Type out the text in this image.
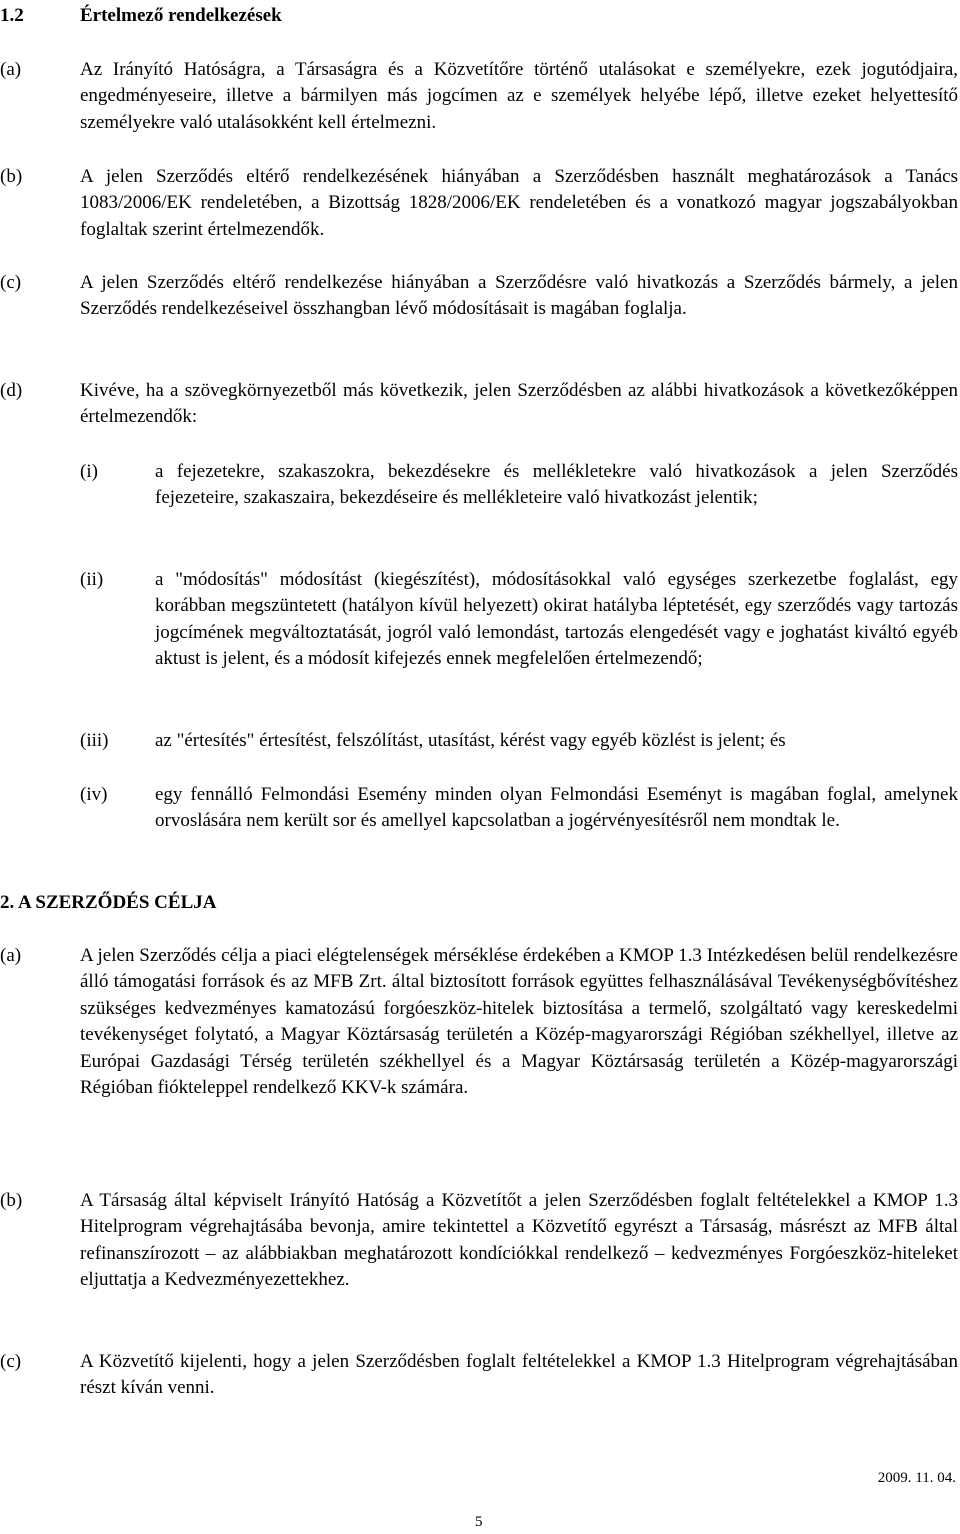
1.2	Értelmező rendelkezések
(a)	Az Irányító Hatóságra, a Társaságra és a Közvetítőre történő utalásokat e személyekre, ezek jogutódjaira, engedményeseire, illetve a bármilyen más jogcímen az e személyek helyébe lépő, illetve ezeket helyettesítő személyekre való utalásokként kell értelmezni.
(b)	A jelen Szerződés eltérő rendelkezésének hiányában a Szerződésben használt meghatározások a Tanács 1083/2006/EK rendeletében, a Bizottság 1828/2006/EK rendeletében és a vonatkozó magyar jogszabályokban foglaltak szerint értelmezendők.
(c)	A jelen Szerződés eltérő rendelkezése hiányában a Szerződésre való hivatkozás a Szerződés bármely, a jelen Szerződés rendelkezéseivel összhangban lévő módosításait is magában foglalja.
(d)	Kivéve, ha a szövegkörnyezetből más következik, jelen Szerződésben az alábbi hivatkozások a következőképpen értelmezendők:
(i)	a fejezetekre, szakaszokra, bekezdésekre és mellékletekre való hivatkozások a jelen Szerződés fejezeteire, szakaszaira, bekezdéseire és mellékleteire való hivatkozást jelentik;
(ii)	a "módosítás" módosítást (kiegészítést), módosításokkal való egységes szerkezetbe foglalást, egy korábban megszüntetett (hatályon kívül helyezett) okirat hatályba léptetését, egy szerződés vagy tartozás jogcímének megváltoztatását, jogról való lemondást, tartozás elengedését vagy e joghatást kiváltó egyéb aktust is jelent, és a módosít kifejezés ennek megfelelően értelmezendő;
(iii) az "értesítés" értesítést, felszólítást, utasítást, kérést vagy egyéb közlést is jelent; és
(iv)	egy fennálló Felmondási Esemény minden olyan Felmondási Eseményt is magában foglal, amelynek orvoslására nem került sor és amellyel kapcsolatban a jogérvényesítésről nem mondtak le.
2. A SZERZŐDÉS CÉLJA
(a)	A jelen Szerződés célja a piaci elégtelenségek mérséklése érdekében a KMOP 1.3 Intézkedésen belül rendelkezésre álló támogatási források és az MFB Zrt. által biztosított források együttes felhasználásával Tevékenységbővítéshez szükséges kedvezményes kamatozású forgóeszköz-hitelek biztosítása a termelő, szolgáltató vagy kereskedelmi tevékenységet folytató, a Magyar Köztársaság területén a Közép-magyarországi Régióban székhellyel, illetve az Európai Gazdasági Térség területén székhellyel és a Magyar Köztársaság területén a Közép-magyarországi Régióban fiókteleppel rendelkező KKV-k számára.
(b)	A Társaság által képviselt Irányító Hatóság a Közvetítőt a jelen Szerződésben foglalt feltételekkel a KMOP 1.3 Hitelprogram végrehajtásába bevonja, amire tekintettel a Közvetítő egyrészt a Társaság, másrészt az MFB által refinanszírozott – az alábbiakban meghatározott kondíciókkal rendelkező – kedvezményes Forgóeszköz-hiteleket eljuttatja a Kedvezményezettekhez.
(c)	A Közvetítő kijelenti, hogy a jelen Szerződésben foglalt feltételekkel a KMOP 1.3 Hitelprogram végrehajtásában részt kíván venni.
2009. 11. 04.
5
